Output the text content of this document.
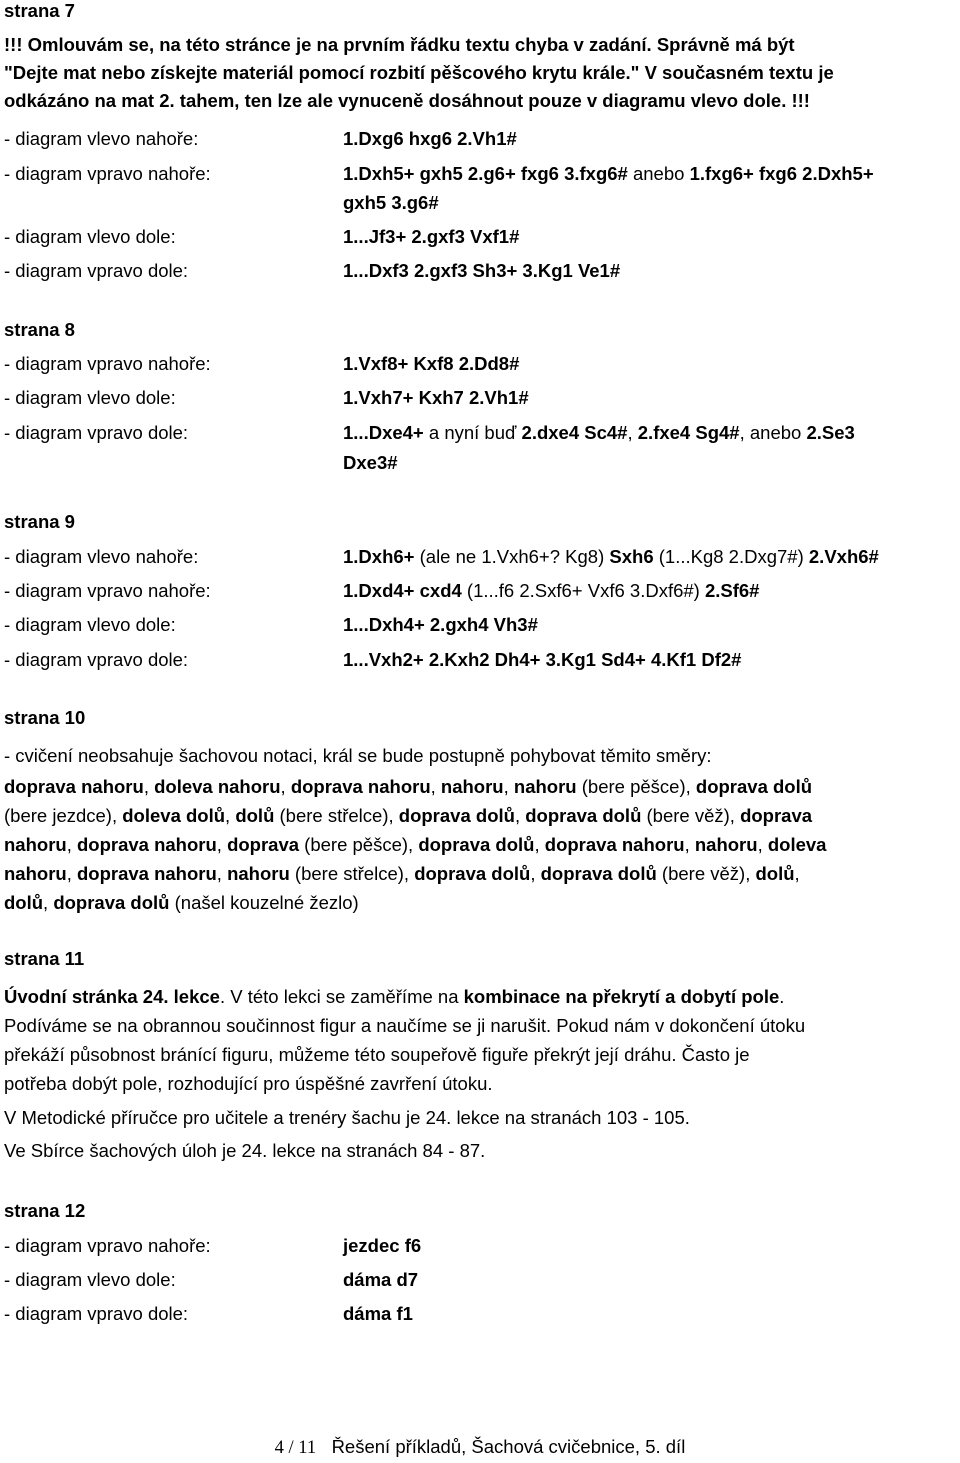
strana 7
!!! Omlouvám se, na této stránce je na prvním řádku textu chyba v zadání. Správně má být
"Dejte mat nebo získejte materiál pomocí rozbití pěšcového krytu krále." V současném textu je
odkázáno na mat 2. tahem, ten lze ale vynuceně dosáhnout pouze v diagramu vlevo dole. !!!
- diagram vlevo nahoře:	1.Dxg6 hxg6 2.Vh1#
- diagram vpravo nahoře:	1.Dxh5+ gxh5 2.g6+ fxg6 3.fxg6# anebo 1.fxg6+ fxg6 2.Dxh5+
gxh5 3.g6#
- diagram vlevo dole:	1...Jf3+ 2.gxf3 Vxf1#
- diagram vpravo dole:	1...Dxf3 2.gxf3 Sh3+ 3.Kg1 Ve1#
strana 8
- diagram vpravo nahoře:	1.Vxf8+ Kxf8 2.Dd8#
- diagram vlevo dole:	1.Vxh7+ Kxh7 2.Vh1#
- diagram vpravo dole:	1...Dxe4+ a nyní buď 2.dxe4 Sc4#, 2.fxe4 Sg4#, anebo 2.Se3
Dxe3#
strana 9
- diagram vlevo nahoře:	1.Dxh6+ (ale ne 1.Vxh6+? Kg8) Sxh6 (1...Kg8 2.Dxg7#) 2.Vxh6#
- diagram vpravo nahoře:	1.Dxd4+ cxd4 (1...f6 2.Sxf6+ Vxf6 3.Dxf6#) 2.Sf6#
- diagram vlevo dole:	1...Dxh4+ 2.gxh4 Vh3#
- diagram vpravo dole:	1...Vxh2+ 2.Kxh2 Dh4+ 3.Kg1 Sd4+ 4.Kf1 Df2#
strana 10
- cvičení neobsahuje šachovou notaci, král se bude postupně pohybovat těmito směry:
doprava nahoru, doleva nahoru, doprava nahoru, nahoru, nahoru (bere pěšce), doprava dolů
(bere jezdce), doleva dolů, dolů (bere střelce), doprava dolů, doprava dolů (bere věž), doprava
nahoru, doprava nahoru, doprava (bere pěšce), doprava dolů, doprava nahoru, nahoru, doleva
nahoru, doprava nahoru, nahoru (bere střelce), doprava dolů, doprava dolů (bere věž), dolů,
dolů, doprava dolů (našel kouzelné žezlo)
strana 11
Úvodní stránka 24. lekce. V této lekci se zaměříme na kombinace na překrytí a dobytí pole.
Podíváme se na obrannou součinnost figur a naučíme se ji narušit. Pokud nám v dokončení útoku
překáží působnost bránící figuru, můžeme této soupeřově figuře překrýt její dráhu. Často je
potřeba dobýt pole, rozhodující pro úspěšné zavrření útoku.
V Metodické příručce pro učitele a trenéry šachu je 24. lekce na stranách 103 - 105.
Ve Sbírce šachových úloh je 24. lekce na stranách 84 - 87.
strana 12
- diagram vpravo nahoře:	jezdec f6
- diagram vlevo dole:	dáma d7
- diagram vpravo dole:	dáma f1
4 / 11 Řešení příkladů, Šachová cvičebnice, 5. díl
